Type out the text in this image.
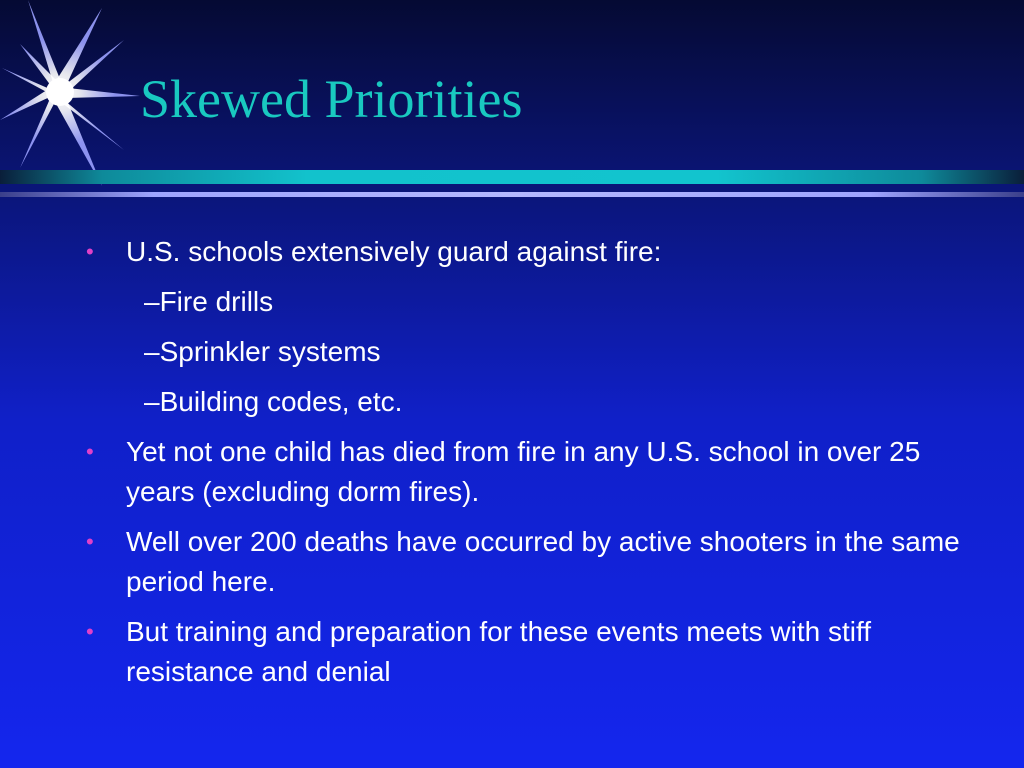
Skewed Priorities
• U.S. schools extensively guard against fire:
–Fire drills
–Sprinkler systems
–Building codes, etc.
• Yet not one child has died from fire in any U.S. school in over 25 years (excluding dorm fires).
• Well over 200 deaths have occurred by active shooters in the same period here.
• But training and preparation for these events meets with stiff resistance and denial
